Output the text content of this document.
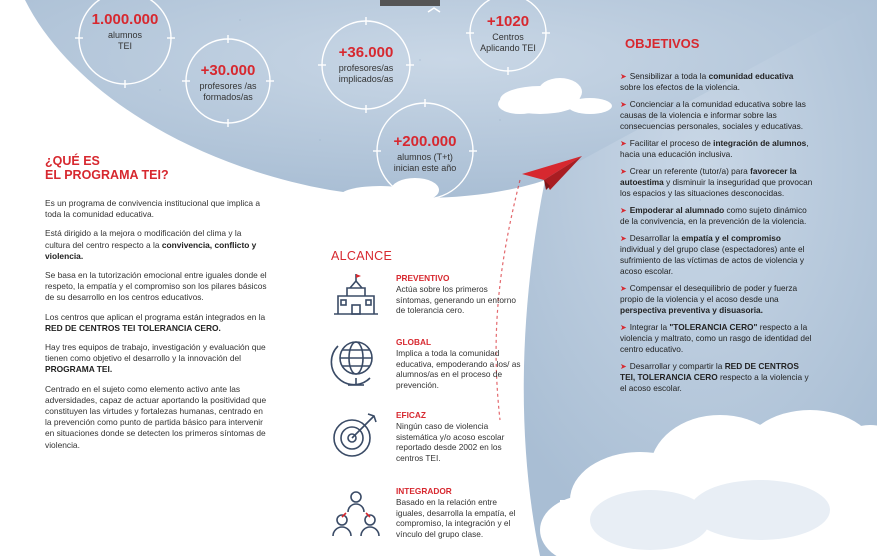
1.000.000
alumnos TEI
+30.000
profesores /as formados/as
+36.000
profesores/as implicados/as
+1020
Centros Aplicando TEI
+200.000
alumnos (T+t) inician este año
¿QUÉ ES
EL PROGRAMA TEI?

Es un programa de convivencia institucional que implica a toda la comunidad educativa.

Está dirigido a la mejora o modificación del clima y la cultura del centro respecto a la convivencia, conflicto y violencia.

Se basa en la tutorización emocional entre iguales donde el respeto, la empatía y el compromiso son los pilares básicos de su desarrollo en los centros educativos.

Los centros que aplican el programa están integrados en la RED DE CENTROS TEI TOLERANCIA CERO.

Hay tres equipos de trabajo, investigación y evaluación que tienen como objetivo el desarrollo y la innovación del PROGRAMA TEI.

Centrado en el sujeto como elemento activo ante las adversidades, capaz de actuar aportando la positividad que constituyen las virtudes y fortalezas humanas, centrado en la prevención como punto de partida básico para intervenir en situaciones donde se detecten los primeros síntomas de violencia.

ALCANCE
PREVENTIVO
Actúa sobre los primeros síntomas, generando un entorno de tolerancia cero.
GLOBAL
Implica a toda la comunidad educativa, empoderando a los/ as alumnos/as en el proceso de prevención.
EFICAZ
Ningún caso de violencia sistemática y/o acoso escolar reportado desde 2002 en los centros TEI.
INTEGRADOR
Basado en la relación entre iguales, desarrolla la empatía, el compromiso, la integración y el vínculo del grupo clase.
OBJETIVOS
➤ Sensibilizar a toda la comunidad educativa sobre los efectos de la violencia.
➤ Concienciar a la comunidad educativa sobre las causas de la violencia e informar sobre las consecuencias personales, sociales y educativas.
➤ Facilitar el proceso de integración de alumnos, hacia una educación inclusiva.
➤ Crear un referente (tutor/a) para favorecer la autoestima y disminuir la inseguridad que provocan los espacios y las situaciones desconocidas.
➤ Empoderar al alumnado como sujeto dinámico de la convivencia, en la prevención de la violencia.
➤ Desarrollar la empatía y el compromiso individual y del grupo clase (espectadores) ante el sufrimiento de las víctimas de actos de violencia y acoso escolar.
➤ Compensar el desequilibrio de poder y fuerza propio de la violencia y el acoso desde una perspectiva preventiva y disuasoria.
➤ Integrar la "TOLERANCIA CERO" respecto a la violencia y maltrato, como un rasgo de identidad del centro educativo.
➤ Desarrollar y compartir la RED DE CENTROS TEI, TOLERANCIA CERO respecto a la violencia y el acoso escolar.
